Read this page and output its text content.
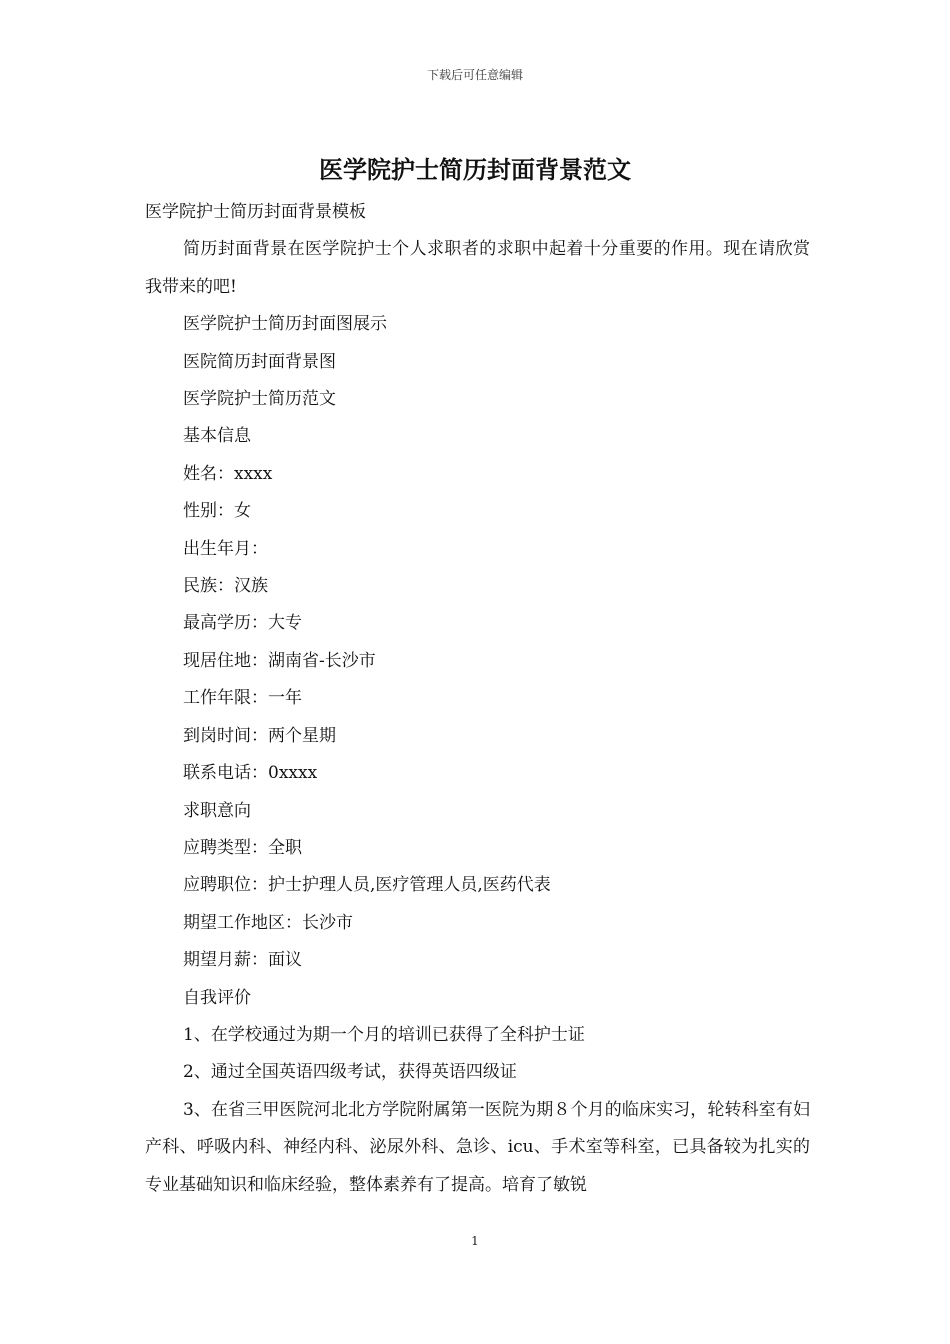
下载后可任意编辑
医学院护士简历封面背景范文

医学院护士简历封面背景模板

简历封面背景在医学院护士个人求职者的求职中起着十分重要的作用。现在请欣赏我带来的吧!

医学院护士简历封面图展示

医院简历封面背景图

医学院护士简历范文

基本信息

姓名：xxxx

性别：女

出生年月：

民族：汉族

最高学历：大专

现居住地：湖南省-长沙市

工作年限：一年

到岗时间：两个星期

联系电话：0xxxx

求职意向

应聘类型：全职

应聘职位：护士护理人员,医疗管理人员,医药代表

期望工作地区：长沙市

期望月薪：面议

自我评价

1、在学校通过为期一个月的培训已获得了全科护士证

2、通过全国英语四级考试，获得英语四级证

3、在省三甲医院河北北方学院附属第一医院为期８个月的临床实习，轮转科室有妇产科、呼吸内科、神经内科、泌尿外科、急诊、icu、手术室等科室，已具备较为扎实的专业基础知识和临床经验，整体素养有了提高。培育了敏锐

1
